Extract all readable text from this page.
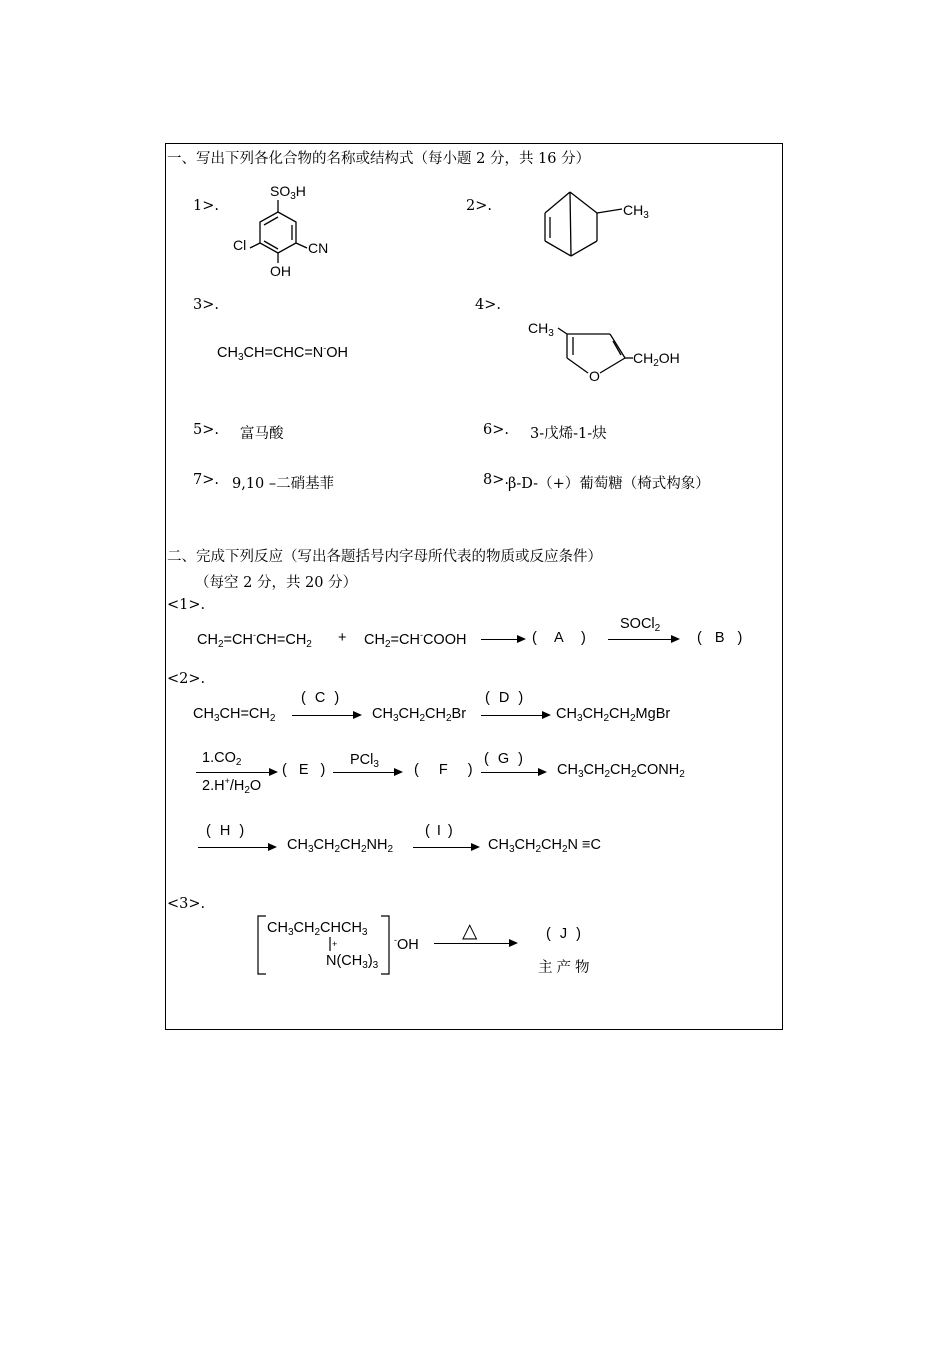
一、写出下列各化合物的名称或结构式（每小题 2 分，共 16 分）
1>.
$SO_3H$
Cl	CN
OH
2>.	$CH_3$
3>.
$CH_3CH=CHC=N^-OH$
4>.
$CH_3$
O
$CH_2OH$
5>. 富马酸	6>. 3-戊烯-1-炔
7>. 9,10 –二硝基菲	8>. β-D-（+）葡萄糖（椅式构象）
二、完成下列反应（写出各题括号内字母所代表的物质或反应条件）
（每空 2 分，共 20 分）
<1>.
$CH_2=CH^-CH=CH_2$ + $CH_2=CH^-COOH$	( A )
SOCl$_2$
( B )
<2>.
$CH_3CH=CH_2$
( C )
$CH_3CH_2CH_2Br$
( D )
$CH_3CH_2CH_2MgBr$
$1.CO_2$
$2.H^+/H_2O$
( E )
PCl$_3$ ( F )
( G )
$CH_3CH_2CH_2CONH_2$
( H )
$CH_3CH_2CH_2NH_2$
( I )
$CH_3CH_2CH_2N \equiv C$
<3>.
$CH_3CH_2CHCH_3$
+
$N(CH_3)_3$
-OH
△	( J )
主 产 物
